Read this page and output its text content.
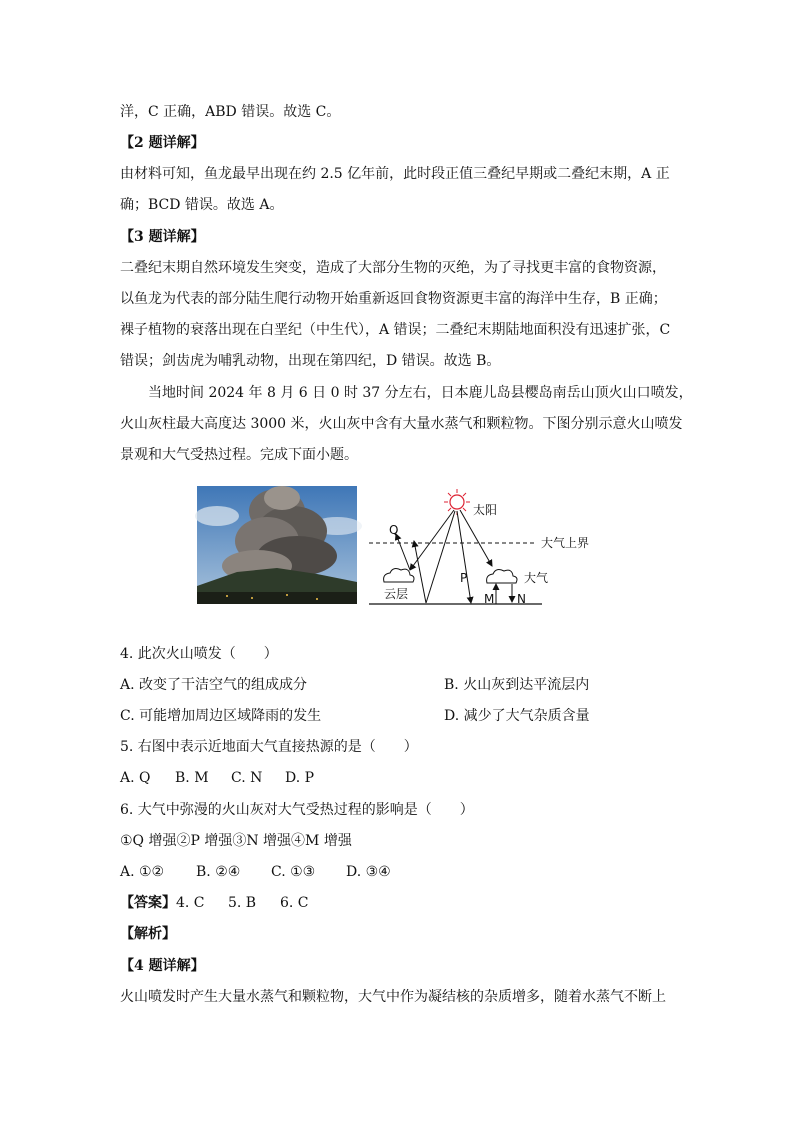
洋，C 正确，ABD 错误。故选 C。
【2 题详解】
由材料可知，鱼龙最早出现在约 2.5 亿年前，此时段正值三叠纪早期或二叠纪末期，A 正
确；BCD 错误。故选 A。
【3 题详解】
二叠纪末期自然环境发生突变，造成了大部分生物的灭绝，为了寻找更丰富的食物资源，
以鱼龙为代表的部分陆生爬行动物开始重新返回食物资源更丰富的海洋中生存，B 正确；
裸子植物的衰落出现在白垩纪（中生代），A 错误；二叠纪末期陆地面积没有迅速扩张，C
错误；剑齿虎为哺乳动物，出现在第四纪，D 错误。故选 B。
当地时间 2024 年 8 月 6 日 0 时 37 分左右，日本鹿儿岛县樱岛南岳山顶火山口喷发，
火山灰柱最大高度达 3000 米，火山灰中含有大量水蒸气和颗粒物。下图分别示意火山喷发
景观和大气受热过程。完成下面小题。
太阳
大气上界
云层
大气
Q
P
M N
4. 此次火山喷发（　　）
A. 改变了干洁空气的组成成分	B. 火山灰到达平流层内
C. 可能增加周边区域降雨的发生	D. 减少了大气杂质含量
5. 右图中表示近地面大气直接热源的是（　　）
A. Q B. M C. N D. P
6. 大气中弥漫的火山灰对大气受热过程的影响是（　　）
①Q 增强②P 增强③N 增强④M 增强
A. ①② B. ②④ C. ①③ D. ③④
【答案】 4. C 5. B 6. C
【解析】
【4 题详解】
火山喷发时产生大量水蒸气和颗粒物，大气中作为凝结核的杂质增多，随着水蒸气不断上
